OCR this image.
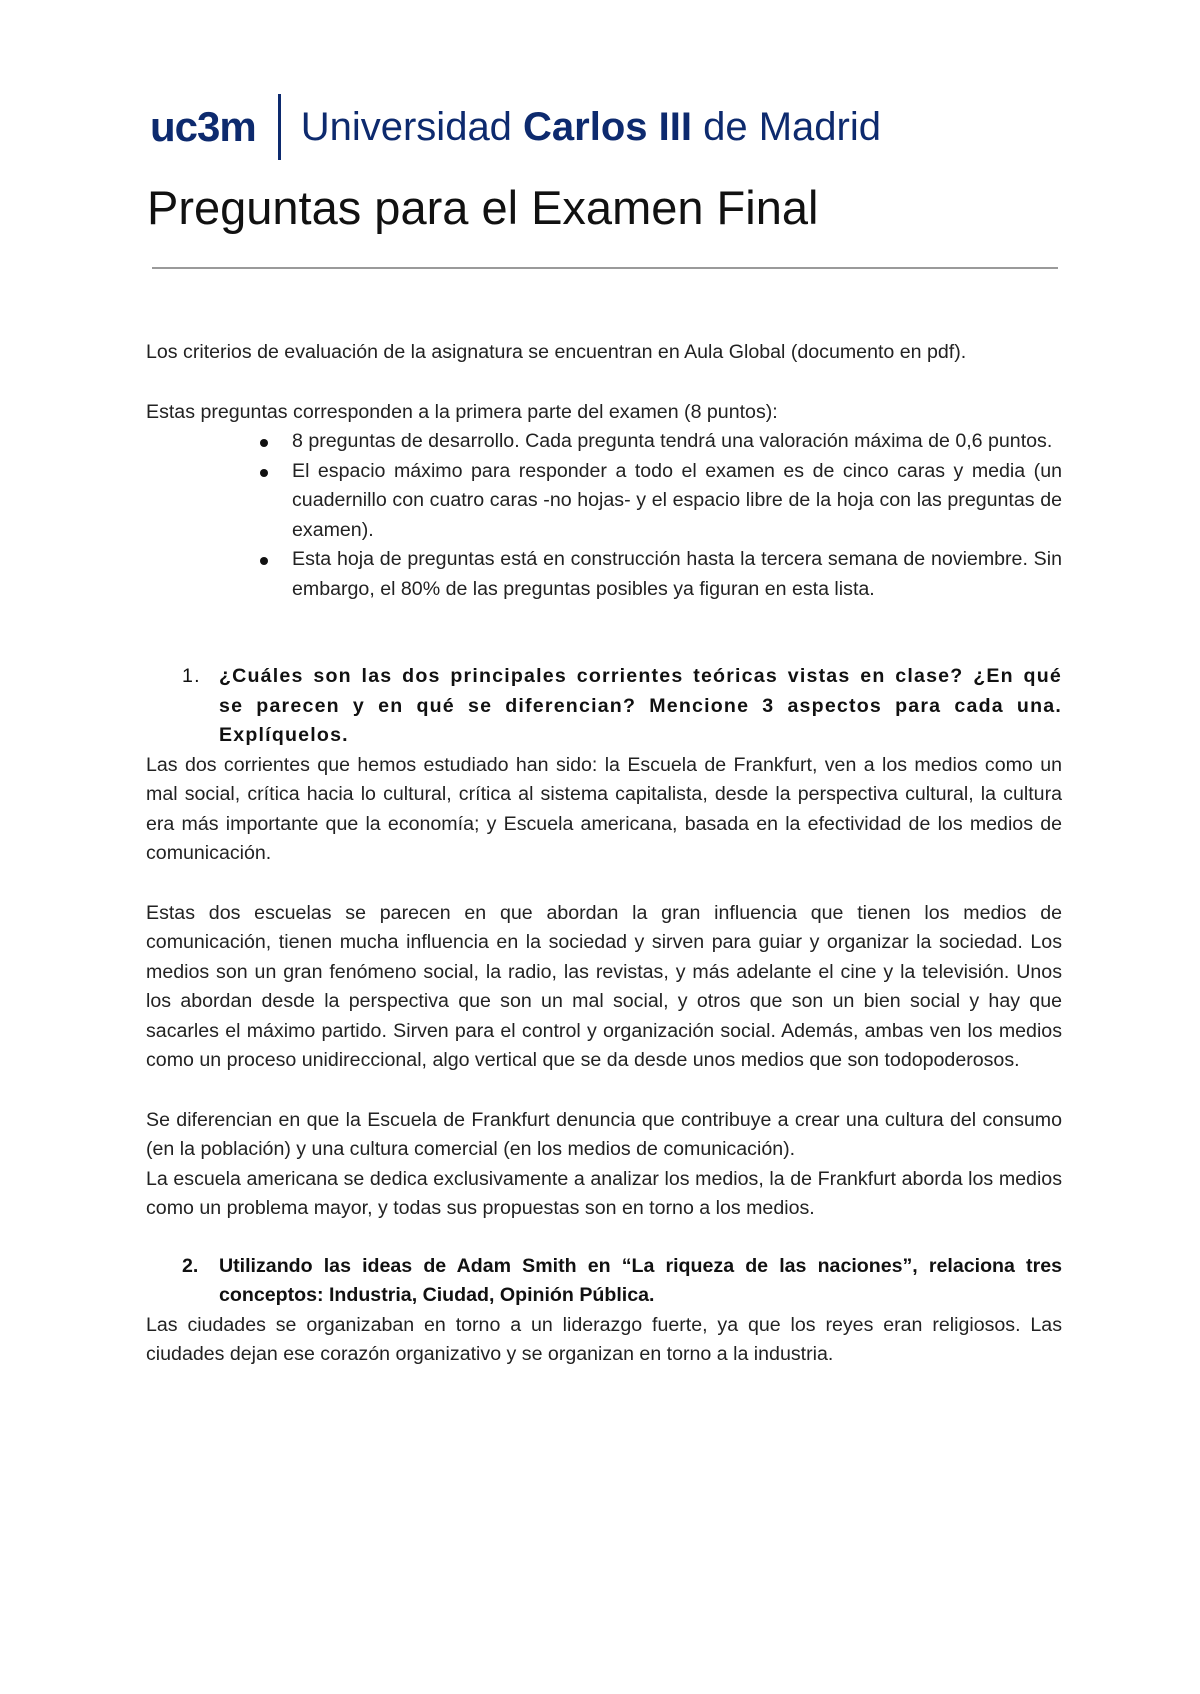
uc3m Universidad Carlos III de Madrid
Preguntas para el Examen Final

Los criterios de evaluación de la asignatura se encuentran en Aula Global (documento en pdf).

Estas preguntas corresponden a la primera parte del examen (8 puntos):

8 preguntas de desarrollo. Cada pregunta tendrá una valoración máxima de 0,6 puntos.
El espacio máximo para responder a todo el examen es de cinco caras y media (un cuadernillo con cuatro caras -no hojas- y el espacio libre de la hoja con las preguntas de examen).
Esta hoja de preguntas está en construcción hasta la tercera semana de noviembre. Sin embargo, el 80% de las preguntas posibles ya figuran en esta lista.
1. ¿Cuáles son las dos principales corrientes teóricas vistas en clase? ¿En qué se parecen y en qué se diferencian? Mencione 3 aspectos para cada una. Explíquelos.

Las dos corrientes que hemos estudiado han sido: la Escuela de Frankfurt, ven a los medios como un mal social, crítica hacia lo cultural, crítica al sistema capitalista, desde la perspectiva cultural, la cultura era más importante que la economía; y Escuela americana, basada en la efectividad de los medios de comunicación.

Estas dos escuelas se parecen en que abordan la gran influencia que tienen los medios de comunicación, tienen mucha influencia en la sociedad y sirven para guiar y organizar la sociedad. Los medios son un gran fenómeno social, la radio, las revistas, y más adelante el cine y la televisión. Unos los abordan desde la perspectiva que son un mal social, y otros que son un bien social y hay que sacarles el máximo partido. Sirven para el control y organización social. Además, ambas ven los medios como un proceso unidireccional, algo vertical que se da desde unos medios que son todopoderosos.

Se diferencian en que la Escuela de Frankfurt denuncia que contribuye a crear una cultura del consumo (en la población) y una cultura comercial (en los medios de comunicación).

La escuela americana se dedica exclusivamente a analizar los medios, la de Frankfurt aborda los medios como un problema mayor, y todas sus propuestas son en torno a los medios.

2. Utilizando las ideas de Adam Smith en “La riqueza de las naciones”, relaciona tres conceptos: Industria, Ciudad, Opinión Pública.

Las ciudades se organizaban en torno a un liderazgo fuerte, ya que los reyes eran religiosos. Las ciudades dejan ese corazón organizativo y se organizan en torno a la industria.
